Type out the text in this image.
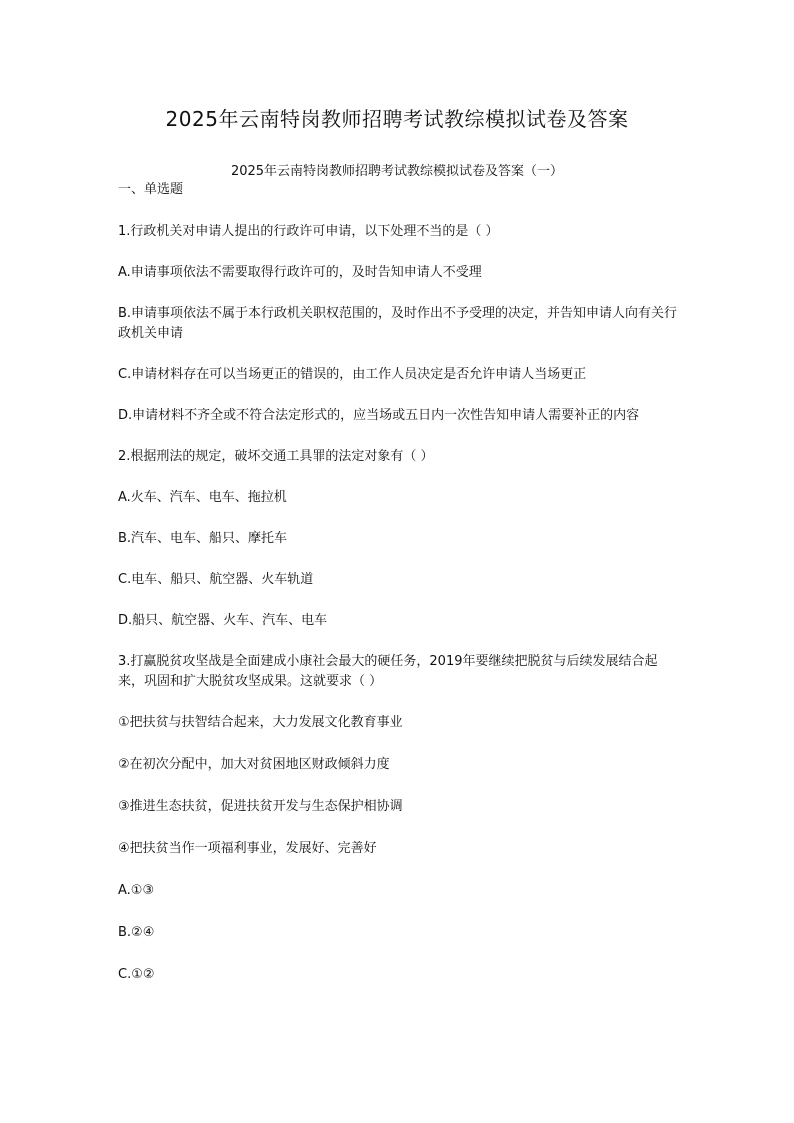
2025年云南特岗教师招聘考试教综模拟试卷及答案
2025年云南特岗教师招聘考试教综模拟试卷及答案（一）
一、单选题
1.行政机关对申请人提出的行政许可申请，以下处理不当的是（ ）
A.申请事项依法不需要取得行政许可的，及时告知申请人不受理
B.申请事项依法不属于本行政机关职权范围的，及时作出不予受理的决定，并告知申请人向有关行政机关申请
C.申请材料存在可以当场更正的错误的，由工作人员决定是否允许申请人当场更正
D.申请材料不齐全或不符合法定形式的，应当场或五日内一次性告知申请人需要补正的内容
2.根据刑法的规定，破坏交通工具罪的法定对象有（ ）
A.火车、汽车、电车、拖拉机
B.汽车、电车、船只、摩托车
C.电车、船只、航空器、火车轨道
D.船只、航空器、火车、汽车、电车
3.打赢脱贫攻坚战是全面建成小康社会最大的硬任务，2019年要继续把脱贫与后续发展结合起来，巩固和扩大脱贫攻坚成果。这就要求（ ）
①把扶贫与扶智结合起来，大力发展文化教育事业
②在初次分配中，加大对贫困地区财政倾斜力度
③推进生态扶贫，促进扶贫开发与生态保护相协调
④把扶贫当作一项福利事业，发展好、完善好
A.①③
B.②④
C.①②
